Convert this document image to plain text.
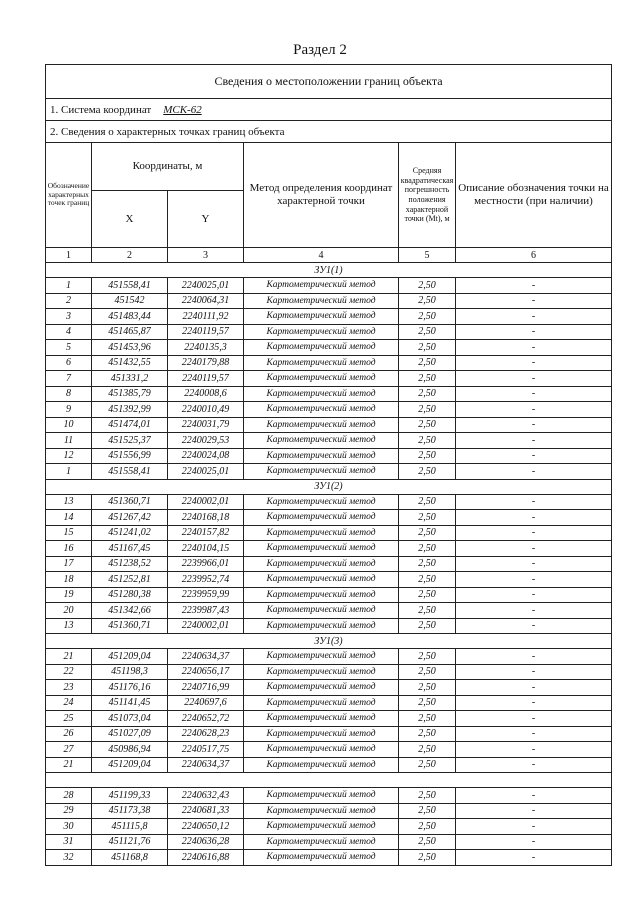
Раздел 2
Сведения о местоположении границ объекта					
1. Система координат МСК-62					
2. Сведения о характерных точках границ объекта					
Обозначение характерных точек границ	Координаты, м		Метод определения координат характерной точки	Средняя квадратическая погрешность положения характерной точки (Mt), м	Описание обозначения точки на местности (при наличии)
	X	Y			
1	2	3	4	5	6
ЗУ1(1)					
1	451558,41	2240025,01	Картометрический метод	2,50	-
2	451542	2240064,31	Картометрический метод	2,50	-
3	451483,44	2240111,92	Картометрический метод	2,50	-
4	451465,87	2240119,57	Картометрический метод	2,50	-
5	451453,96	2240135,3	Картометрический метод	2,50	-
6	451432,55	2240179,88	Картометрический метод	2,50	-
7	451331,2	2240119,57	Картометрический метод	2,50	-
8	451385,79	2240008,6	Картометрический метод	2,50	-
9	451392,99	2240010,49	Картометрический метод	2,50	-
10	451474,01	2240031,79	Картометрический метод	2,50	-
11	451525,37	2240029,53	Картометрический метод	2,50	-
12	451556,99	2240024,08	Картометрический метод	2,50	-
1	451558,41	2240025,01	Картометрический метод	2,50	-
ЗУ1(2)					
13	451360,71	2240002,01	Картометрический метод	2,50	-
14	451267,42	2240168,18	Картометрический метод	2,50	-
15	451241,02	2240157,82	Картометрический метод	2,50	-
16	451167,45	2240104,15	Картометрический метод	2,50	-
17	451238,52	2239966,01	Картометрический метод	2,50	-
18	451252,81	2239952,74	Картометрический метод	2,50	-
19	451280,38	2239959,99	Картометрический метод	2,50	-
20	451342,66	2239987,43	Картометрический метод	2,50	-
13	451360,71	2240002,01	Картометрический метод	2,50	-
ЗУ1(3)					
21	451209,04	2240634,37	Картометрический метод	2,50	-
22	451198,3	2240656,17	Картометрический метод	2,50	-
23	451176,16	2240716,99	Картометрический метод	2,50	-
24	451141,45	2240697,6	Картометрический метод	2,50	-
25	451073,04	2240652,72	Картометрический метод	2,50	-
26	451027,09	2240628,23	Картометрический метод	2,50	-
27	450986,94	2240517,75	Картометрический метод	2,50	-
21	451209,04	2240634,37	Картометрический метод	2,50	-

28	451199,33	2240632,43	Картометрический метод	2,50	-
29	451173,38	2240681,33	Картометрический метод	2,50	-
30	451115,8	2240650,12	Картометрический метод	2,50	-
31	451121,76	2240636,28	Картометрический метод	2,50	-
32	451168,8	2240616,88	Картометрический метод	2,50	-
